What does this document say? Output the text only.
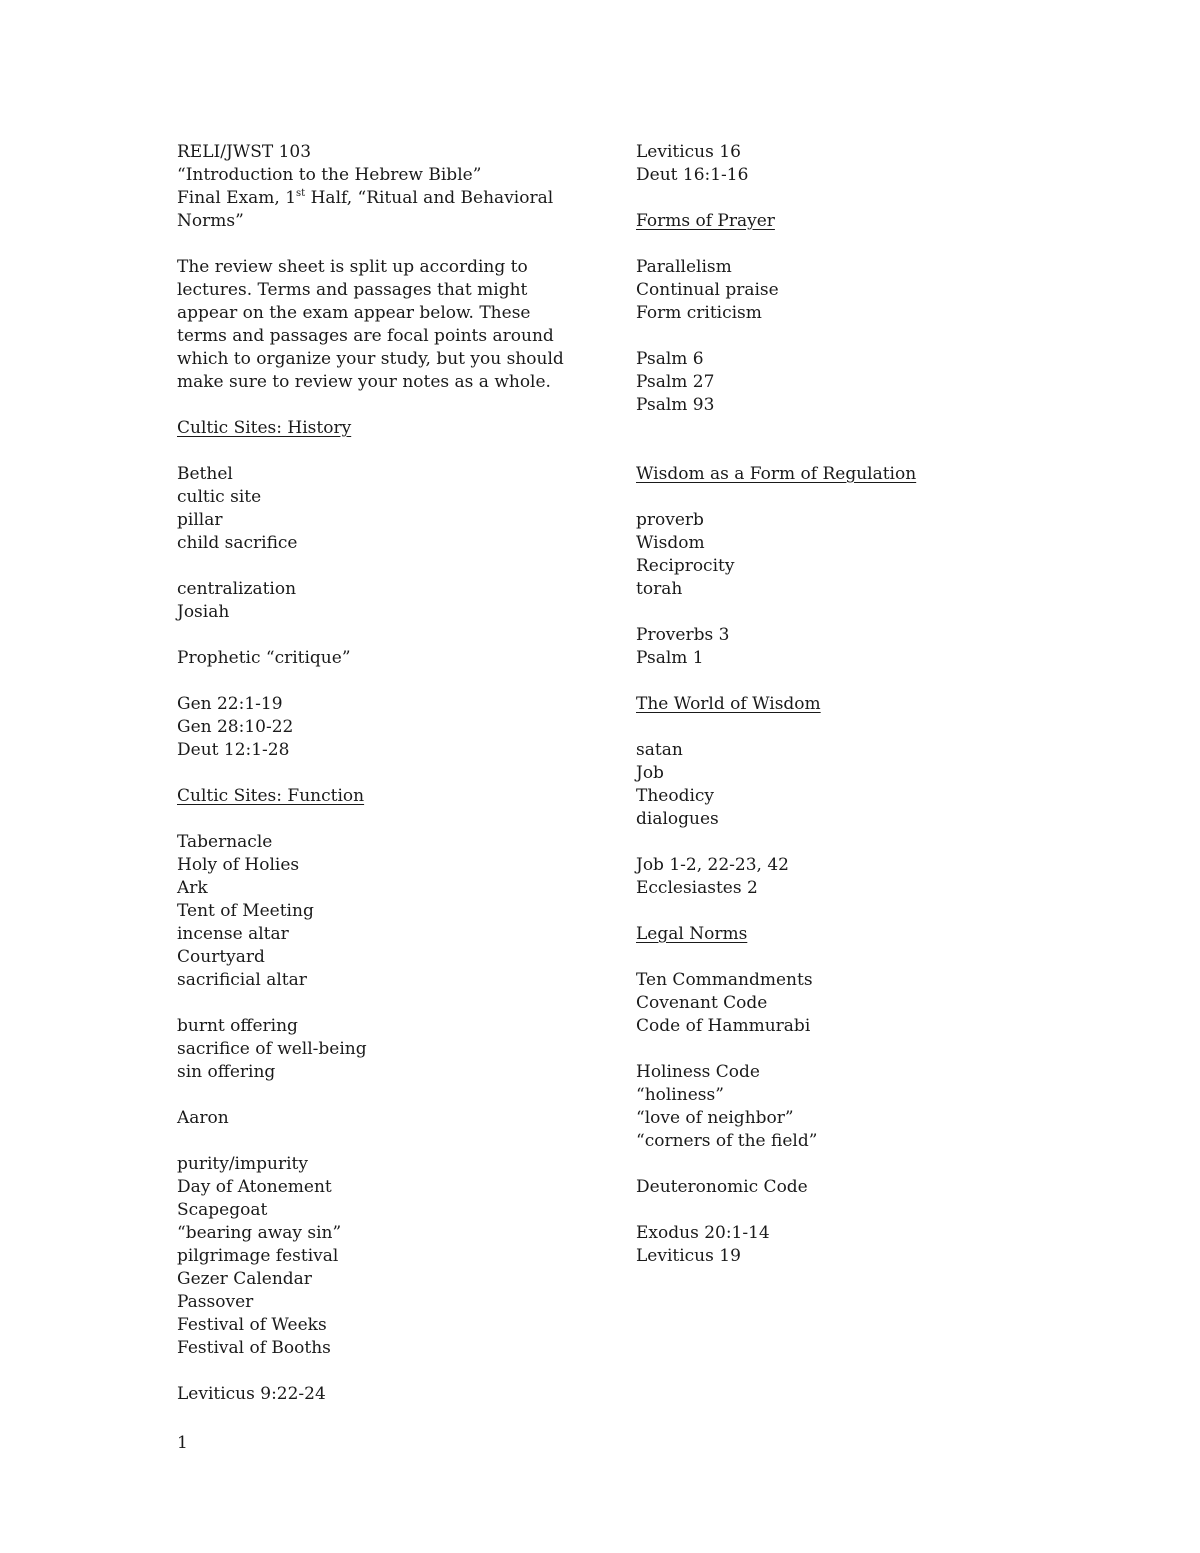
RELI/JWST 103
“Introduction to the Hebrew Bible”
Final Exam, 1st Half, “Ritual and Behavioral
Norms”
The review sheet is split up according to
lectures. Terms and passages that might
appear on the exam appear below. These
terms and passages are focal points around
which to organize your study, but you should
make sure to review your notes as a whole.
Cultic Sites: History
Bethel
cultic site
pillar
child sacrifice
centralization
Josiah
Prophetic “critique”
Gen 22:1-19
Gen 28:10-22
Deut 12:1-28
Cultic Sites: Function
Tabernacle
Holy of Holies
Ark
Tent of Meeting
incense altar
Courtyard
sacrificial altar
burnt offering
sacrifice of well-being
sin offering
Aaron
purity/impurity
Day of Atonement
Scapegoat
“bearing away sin”
pilgrimage festival
Gezer Calendar
Passover
Festival of Weeks
Festival of Booths
Leviticus 9:22-24
Leviticus 16
Deut 16:1-16
Forms of Prayer
Parallelism
Continual praise
Form criticism
Psalm 6
Psalm 27
Psalm 93
Wisdom as a Form of Regulation
proverb
Wisdom
Reciprocity
torah
Proverbs 3
Psalm 1
The World of Wisdom
satan
Job
Theodicy
dialogues
Job 1-2, 22-23, 42
Ecclesiastes 2
Legal Norms
Ten Commandments
Covenant Code
Code of Hammurabi
Holiness Code
“holiness”
“love of neighbor”
“corners of the field”
Deuteronomic Code
Exodus 20:1-14
Leviticus 19
1
